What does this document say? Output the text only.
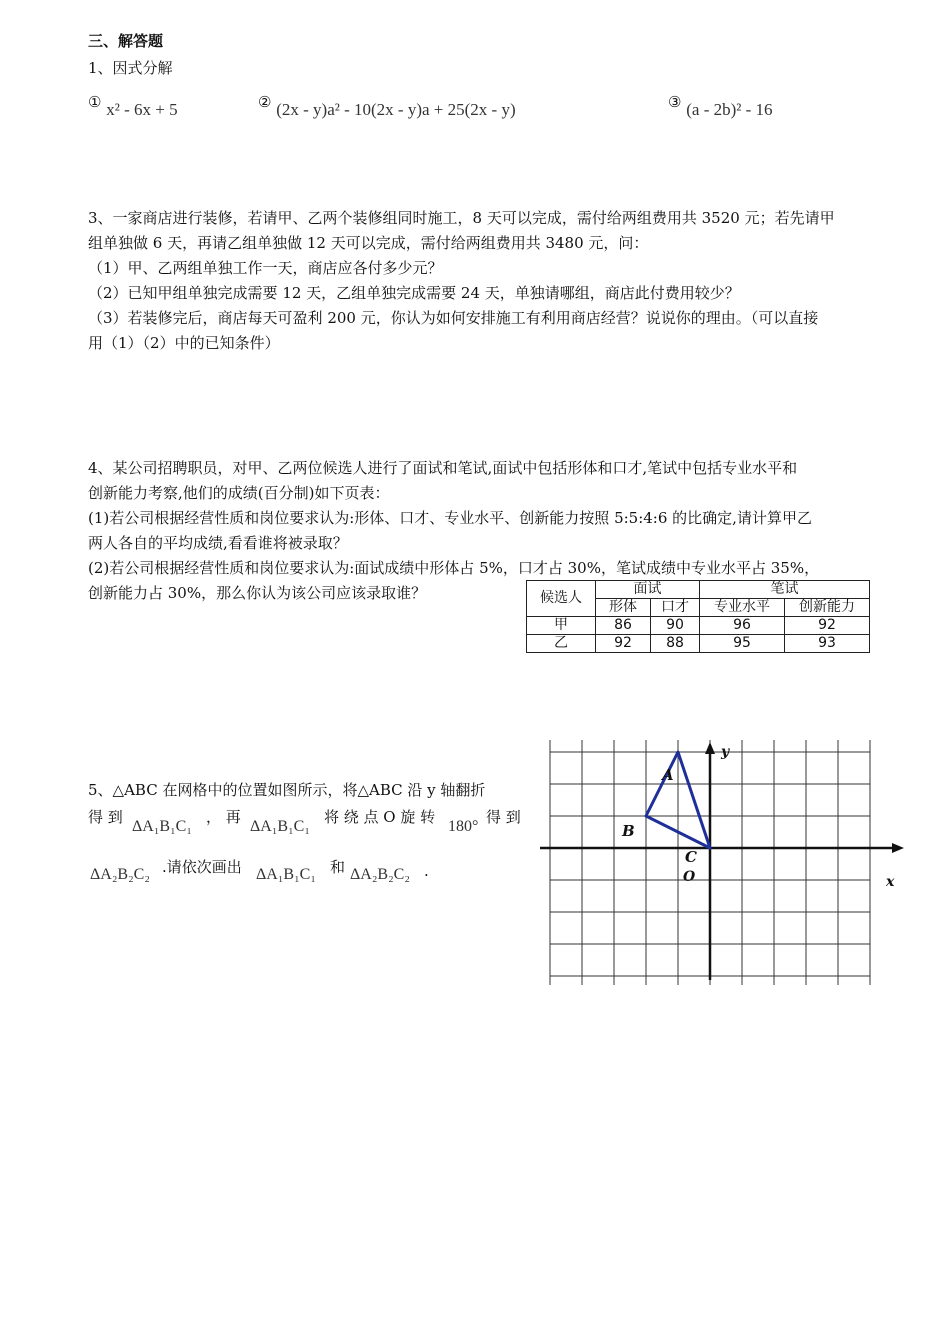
三、解答题
1、因式分解
① x² - 6x + 5	② (2x - y)a² - 10(2x - y)a + 25(2x - y)	③ (a - 2b)² - 16
3、一家商店进行装修，若请甲、乙两个装修组同时施工，8 天可以完成，需付给两组费用共 3520 元；若先请甲
组单独做 6 天，再请乙组单独做 12 天可以完成，需付给两组费用共 3480 元，问：
（1）甲、乙两组单独工作一天，商店应各付多少元？
（2）已知甲组单独完成需要 12 天，乙组单独完成需要 24 天，单独请哪组，商店此付费用较少？
（3）若装修完后，商店每天可盈利 200 元，你认为如何安排施工有利用商店经营？说说你的理由。（可以直接
用（1）（2）中的已知条件）
4、某公司招聘职员，对甲、乙两位候选人进行了面试和笔试,面试中包括形体和口才,笔试中包括专业水平和
创新能力考察,他们的成绩(百分制)如下页表：
(1)若公司根据经营性质和岗位要求认为:形体、口才、专业水平、创新能力按照 5:5:4:6 的比确定,请计算甲乙
两人各自的平均成绩,看看谁将被录取？
(2)若公司根据经营性质和岗位要求认为:面试成绩中形体占 5%，口才占 30%，笔试成绩中专业水平占 35%，
创新能力占 30%，那么你认为该公司应该录取谁？	候选人	面试		笔试	
	形体	口才	专业水平	创新能力
甲	86	90	96	92
乙	92	88	95	93
5、△ABC 在网格中的位置如图所示，将△ABC 沿 y 轴翻折
得 到
ΔA₁B₁C₁
， 再
ΔA₁B₁C₁
将 绕 点 O 旋 转
180°
得 到
ΔA₂B₂C₂ .请依次画出 ΔA₁B₁C₁ 和 ΔA₂B₂C₂ .
y
x
O
A
B
C
